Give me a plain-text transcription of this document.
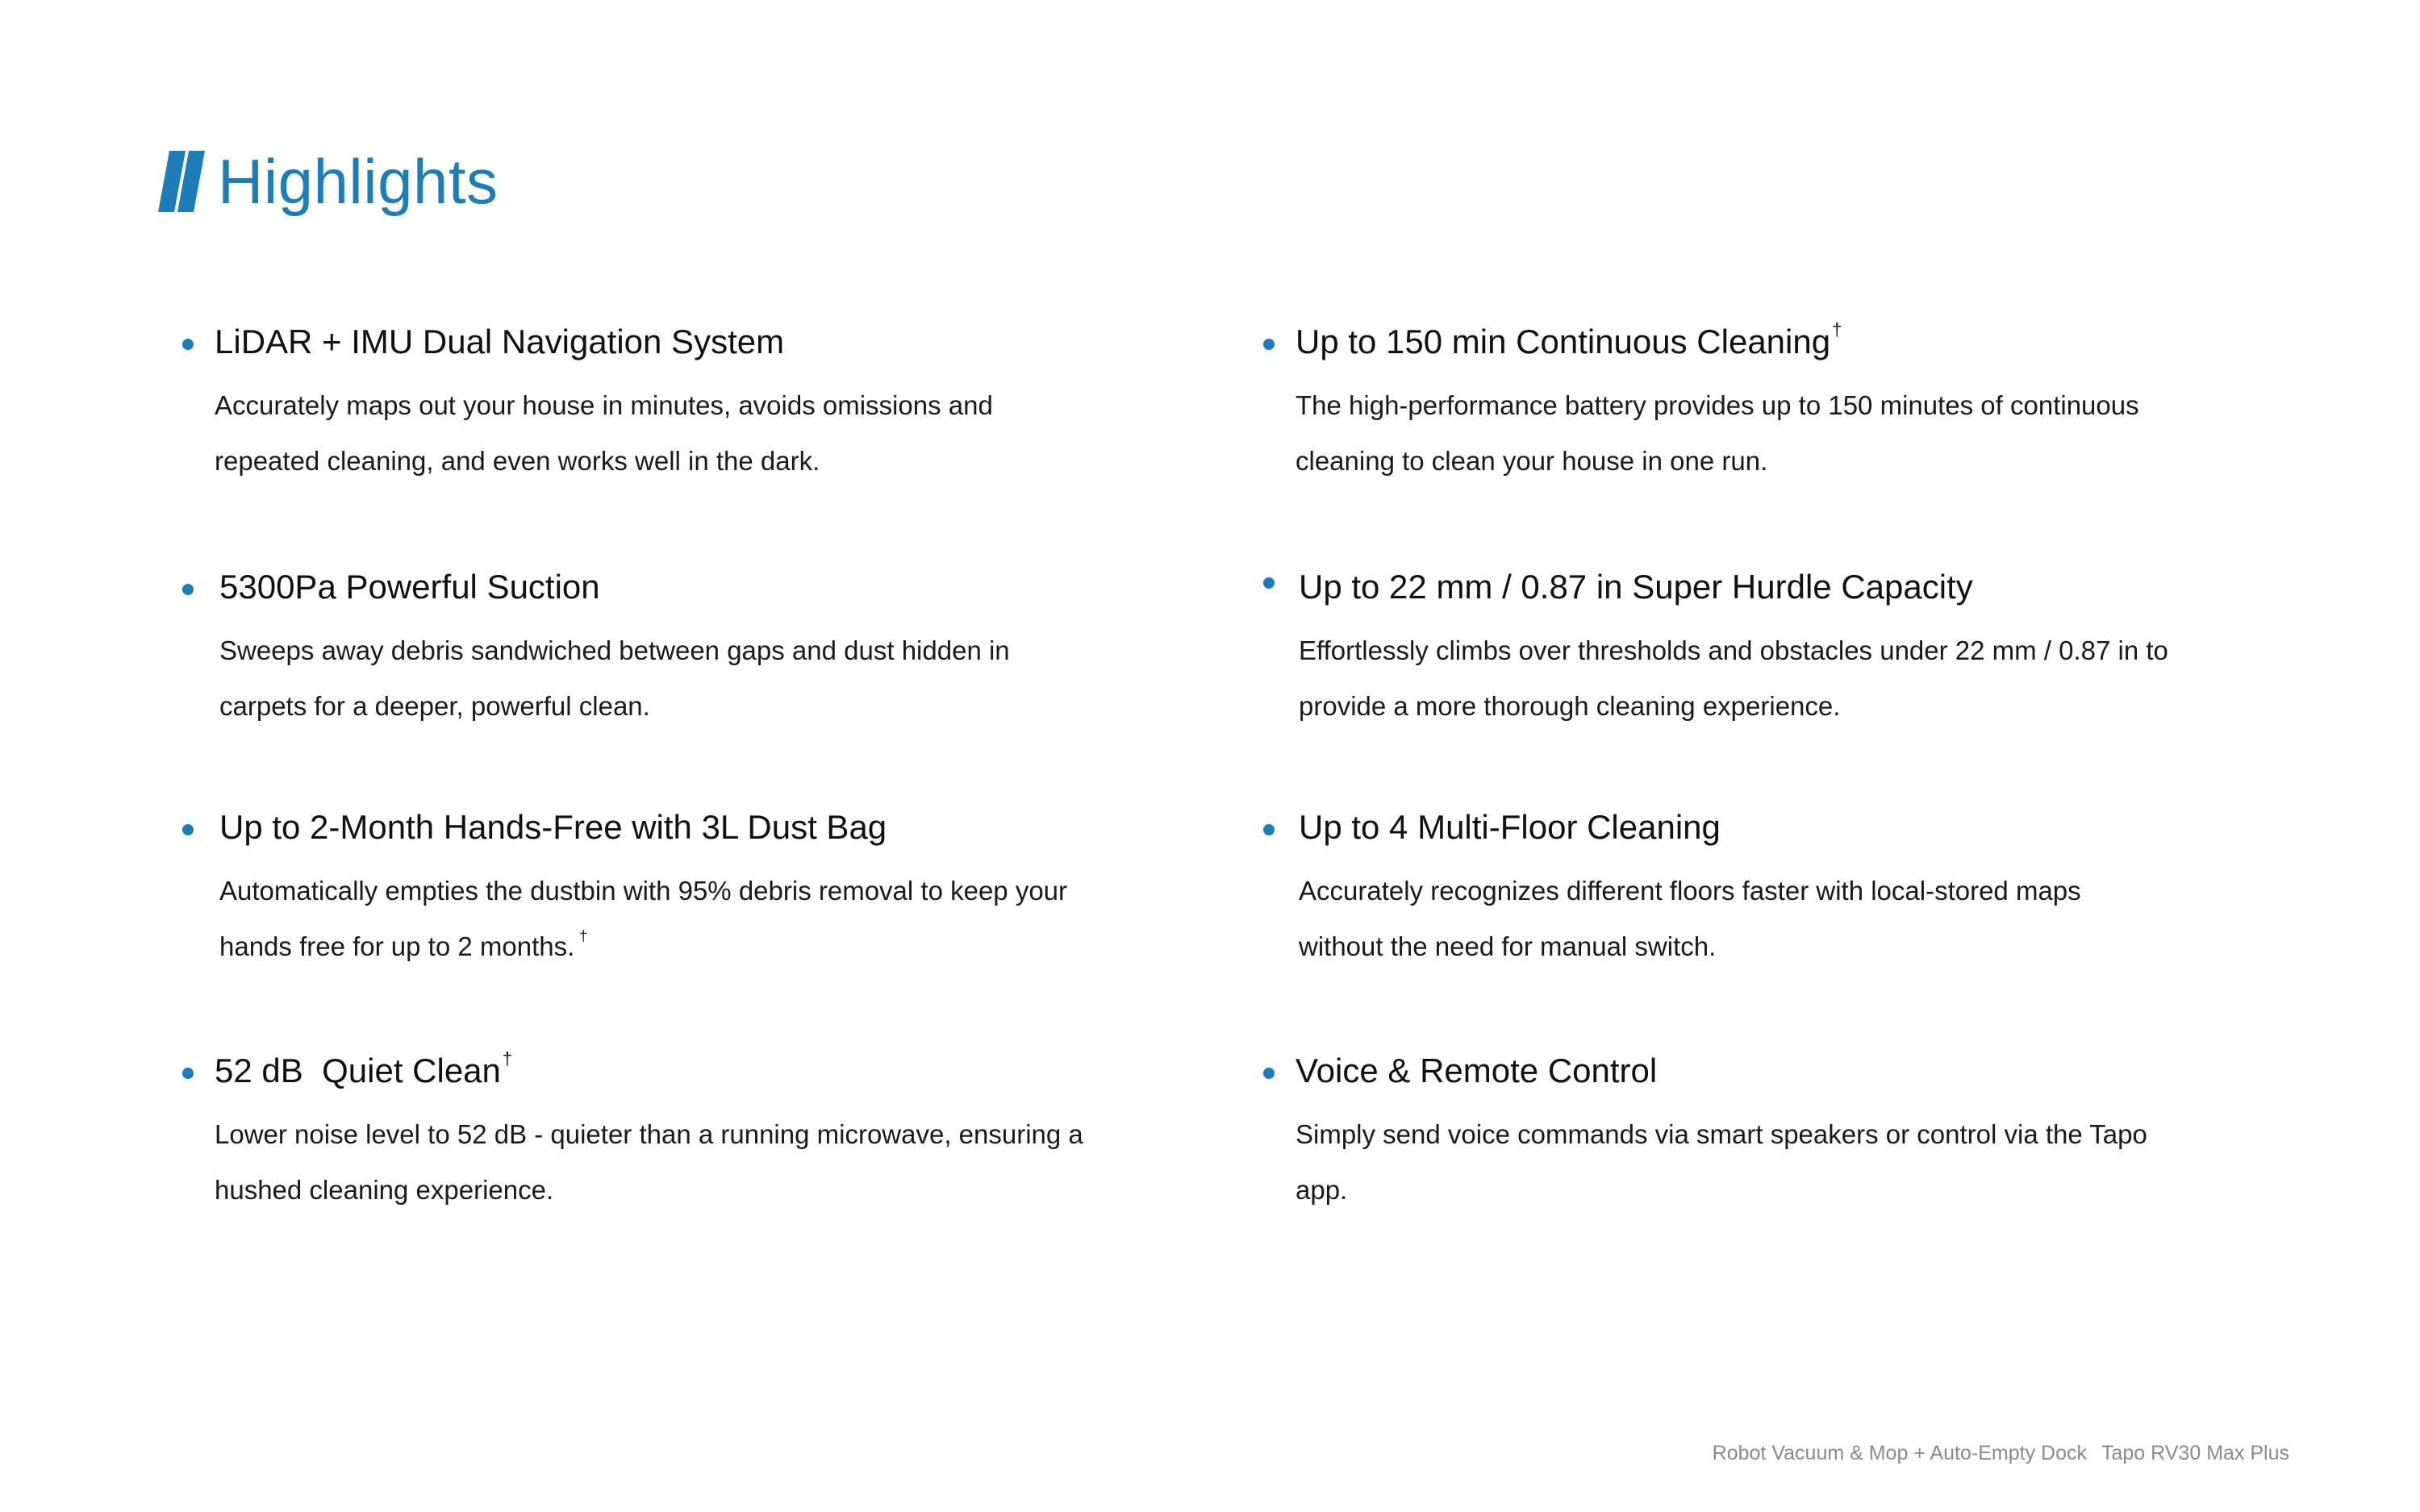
Highlights
LiDAR + IMU Dual Navigation System
Accurately maps out your house in minutes, avoids omissions and repeated cleaning, and even works well in the dark.
5300Pa Powerful Suction
Sweeps away debris sandwiched between gaps and dust hidden in carpets for a deeper, powerful clean.
Up to 2-Month Hands-Free with 3L Dust Bag
Automatically empties the dustbin with 95% debris removal to keep your hands free for up to 2 months. †
52 dB  Quiet Clean†
Lower noise level to 52 dB - quieter than a running microwave, ensuring a hushed cleaning experience.
Up to 150 min Continuous Cleaning†
The high-performance battery provides up to 150 minutes of continuous cleaning to clean your house in one run.
Up to 22 mm / 0.87 in Super Hurdle Capacity
Effortlessly climbs over thresholds and obstacles under 22 mm / 0.87 in to provide a more thorough cleaning experience.
Up to 4 Multi-Floor Cleaning
Accurately recognizes different floors faster with local-stored maps without the need for manual switch.
Voice & Remote Control
Simply send voice commands via smart speakers or control via the Tapo app.
Robot Vacuum & Mop + Auto-Empty Dock Tapo RV30 Max Plus
